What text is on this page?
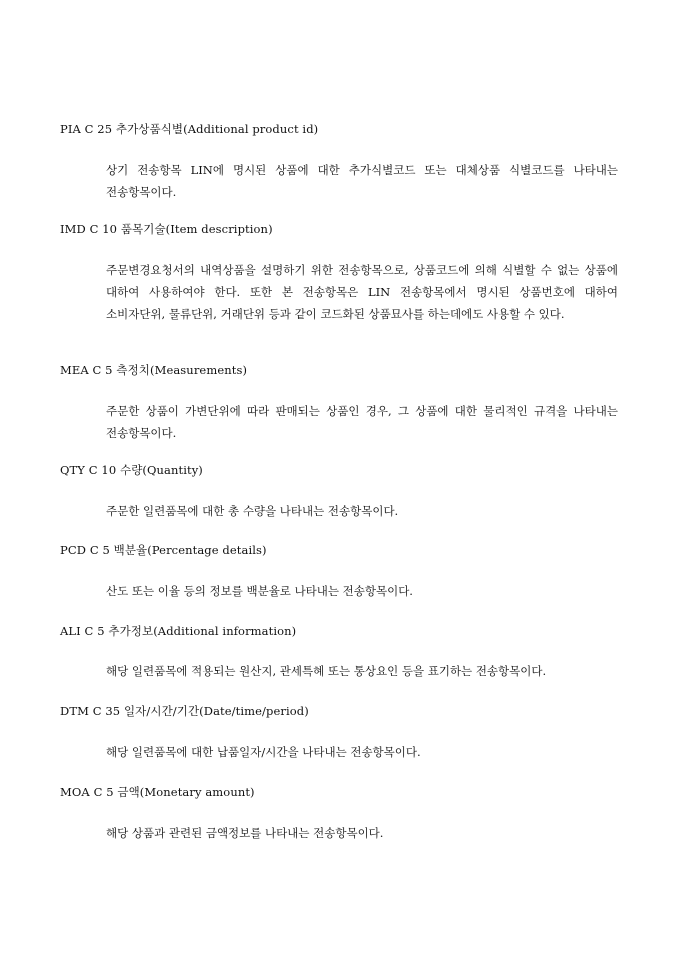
PIA C 25 추가상품식별(Additional product id)

상기 전송항목 LIN에 명시된 상품에 대한 추가식별코드 또는 대체상품 식별코드를 나타내는 전송항목이다.

IMD C 10 품목기술(Item description)

주문변경요청서의 내역상품을 설명하기 위한 전송항목으로, 상품코드에 의해 식별할 수 없는 상품에 대하여 사용하여야 한다. 또한 본 전송항목은 LIN 전송항목에서 명시된 상품번호에 대하여 소비자단위, 물류단위, 거래단위 등과 같이 코드화된 상품묘사를 하는데에도 사용할 수 있다.

MEA C 5 측정치(Measurements)

주문한 상품이 가변단위에 따라 판매되는 상품인 경우, 그 상품에 대한 물리적인 규격을 나타내는 전송항목이다.

QTY C 10 수량(Quantity)

주문한 일련품목에 대한 총 수량을 나타내는 전송항목이다.

PCD C 5 백분율(Percentage details)

산도 또는 이율 등의 정보를 백분율로 나타내는 전송항목이다.

ALI C 5 추가정보(Additional information)

해당 일련품목에 적용되는 원산지, 관세특혜 또는 통상요인 등을 표기하는 전송항목이다.

DTM C 35 일자/시간/기간(Date/time/period)

해당 일련품목에 대한 납품일자/시간을 나타내는 전송항목이다.

MOA C 5 금액(Monetary amount)

해당 상품과 관련된 금액정보를 나타내는 전송항목이다.
